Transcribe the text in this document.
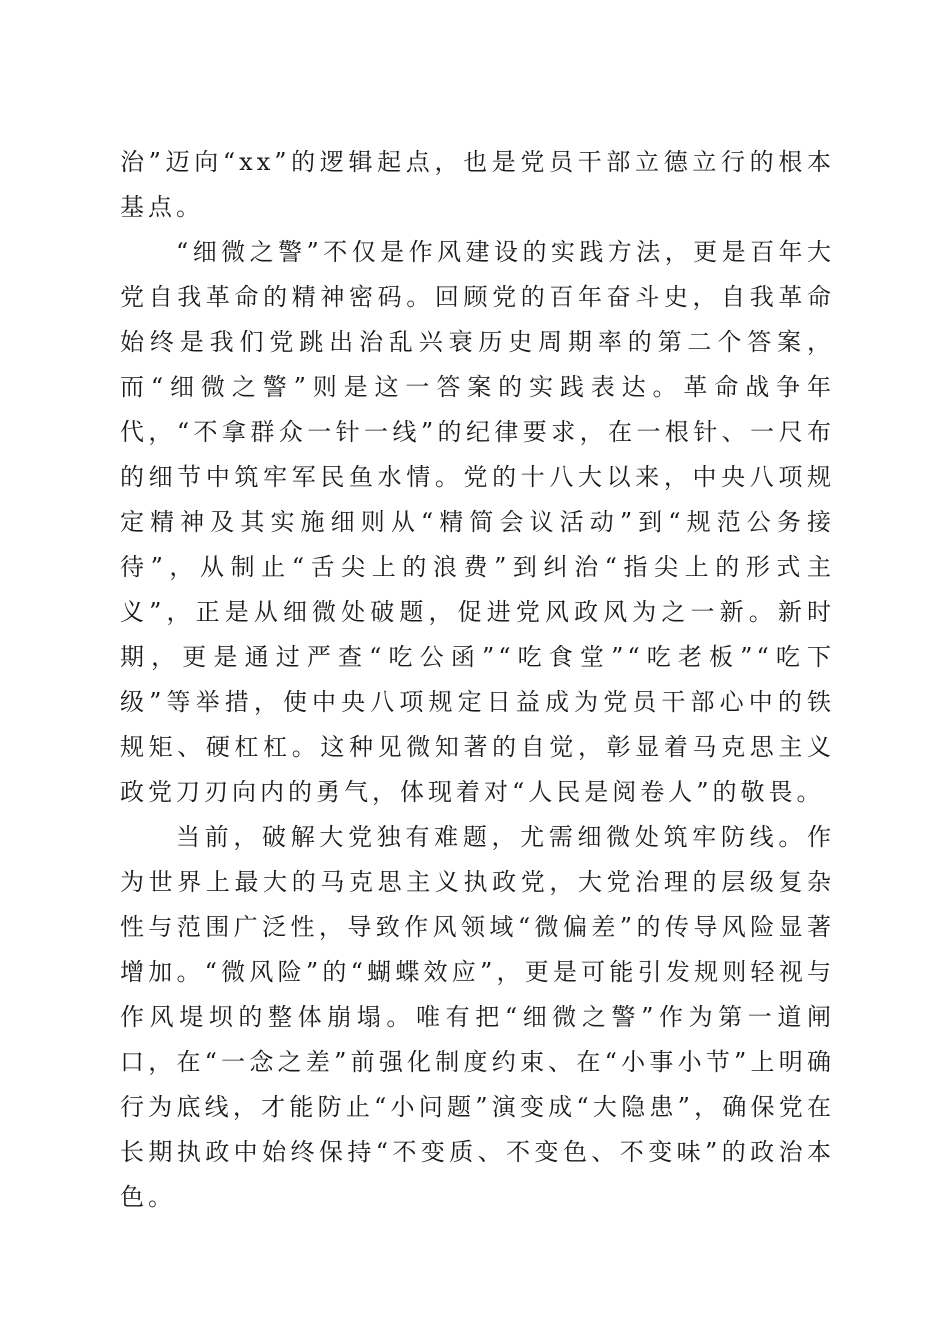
治”迈向“xx”的逻辑起点，也是党员干部立德立行的根本基点。

“细微之警”不仅是作风建设的实践方法，更是百年大党自我革命的精神密码。回顾党的百年奋斗史，自我革命始终是我们党跳出治乱兴衰历史周期率的第二个答案，而“细微之警”则是这一答案的实践表达。革命战争年代，“不拿群众一针一线”的纪律要求，在一根针、一尺布的细节中筑牢军民鱼水情。党的十八大以来，中央八项规定精神及其实施细则从“精简会议活动”到“规范公务接待”，从制止“舌尖上的浪费”到纠治“指尖上的形式主义”，正是从细微处破题，促进党风政风为之一新。新时期，更是通过严查“吃公函”“吃食堂”“吃老板”“吃下级”等举措，使中央八项规定日益成为党员干部心中的铁规矩、硬杠杠。这种见微知著的自觉，彰显着马克思主义政党刀刃向内的勇气，体现着对“人民是阅卷人”的敬畏。

当前，破解大党独有难题，尤需细微处筑牢防线。作为世界上最大的马克思主义执政党，大党治理的层级复杂性与范围广泛性，导致作风领域“微偏差”的传导风险显著增加。“微风险”的“蝴蝶效应”，更是可能引发规则轻视与作风堤坝的整体崩塌。唯有把“细微之警”作为第一道闸口，在“一念之差”前强化制度约束、在“小事小节”上明确行为底线，才能防止“小问题”演变成“大隐患”，确保党在长期执政中始终保持“不变质、不变色、不变味”的政治本色。
